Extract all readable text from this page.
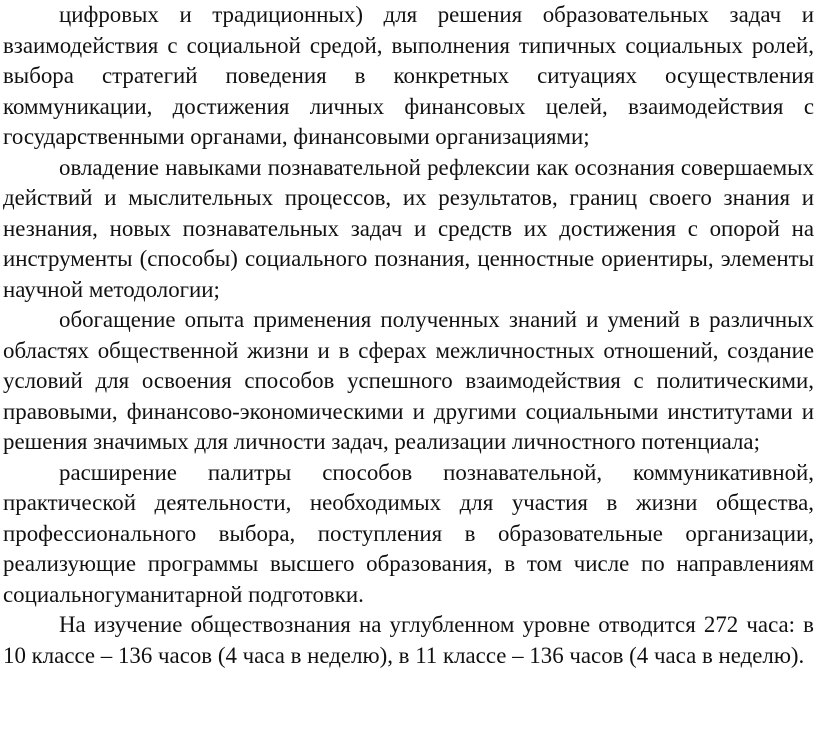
цифровых и традиционных) для решения образовательных задач и взаимодействия с социальной средой, выполнения типичных социальных ролей, выбора стратегий поведения в конкретных ситуациях осуществления коммуникации, достижения личных финансовых целей, взаимодействия с государственными органами, финансовыми организациями;

овладение навыками познавательной рефлексии как осознания совершаемых действий и мыслительных процессов, их результатов, границ своего знания и незнания, новых познавательных задач и средств их достижения с опорой на инструменты (способы) социального познания, ценностные ориентиры, элементы научной методологии;

обогащение опыта применения полученных знаний и умений в различных областях общественной жизни и в сферах межличностных отношений, создание условий для освоения способов успешного взаимодействия с политическими, правовыми, финансово-экономическими и другими социальными институтами и решения значимых для личности задач, реализации личностного потенциала;

расширение палитры способов познавательной, коммуникативной, практической деятельности, необходимых для участия в жизни общества, профессионального выбора, поступления в образовательные организации, реализующие программы высшего образования, в том числе по направлениям социальногуманитарной подготовки.

На изучение обществознания на углубленном уровне отводится 272 часа: в 10 классе – 136 часов (4 часа в неделю), в 11 классе – 136 часов (4 часа в неделю).
